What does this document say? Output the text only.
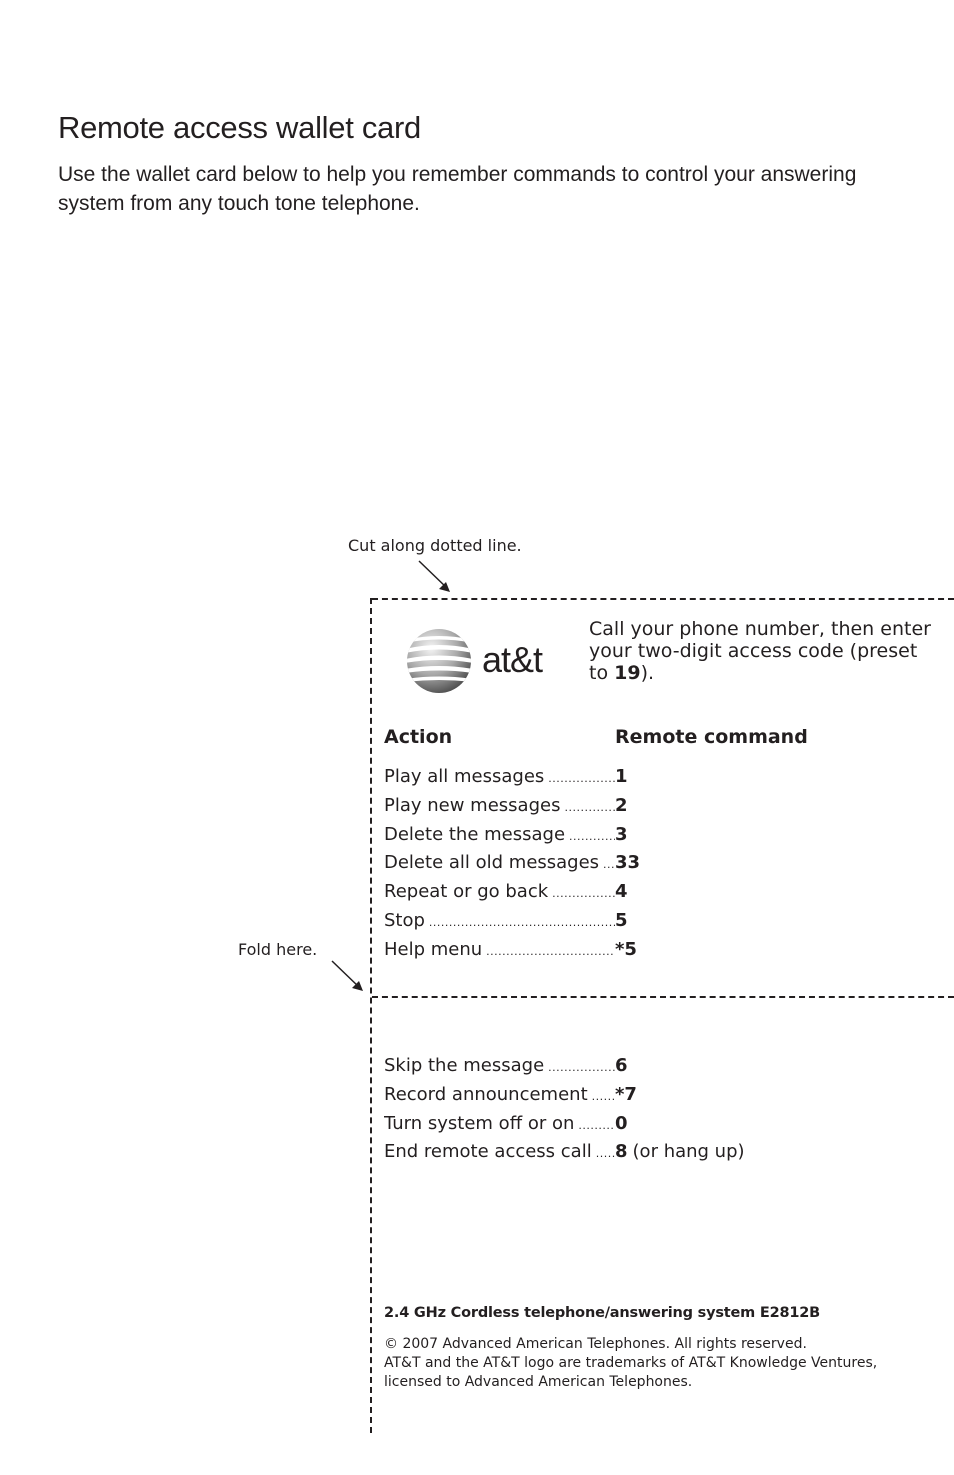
Remote access wallet card

Use the wallet card below to help you remember commands to control your answering system from any touch tone telephone.

Cut along dotted line.
Fold here.
at&t

Call your phone number, then enter your two-digit access code (preset to 19).

Action	Remote command
Play all messages .....	1
Play new messages .....	2
Delete the message .....	3
Delete all old messages ..... 33
Repeat or go back .....	4
Stop .....	5
Help menu .....	*5
Skip the message .....	6
Record announcement .....	*7
Turn system off or on .....	0
End remote access call .....	8 (or hang up)
2.4 GHz Cordless telephone/answering system E2812B

© 2007 Advanced American Telephones. All rights reserved.
AT&T and the AT&T logo are trademarks of AT&T Knowledge Ventures, licensed to Advanced American Telephones.
